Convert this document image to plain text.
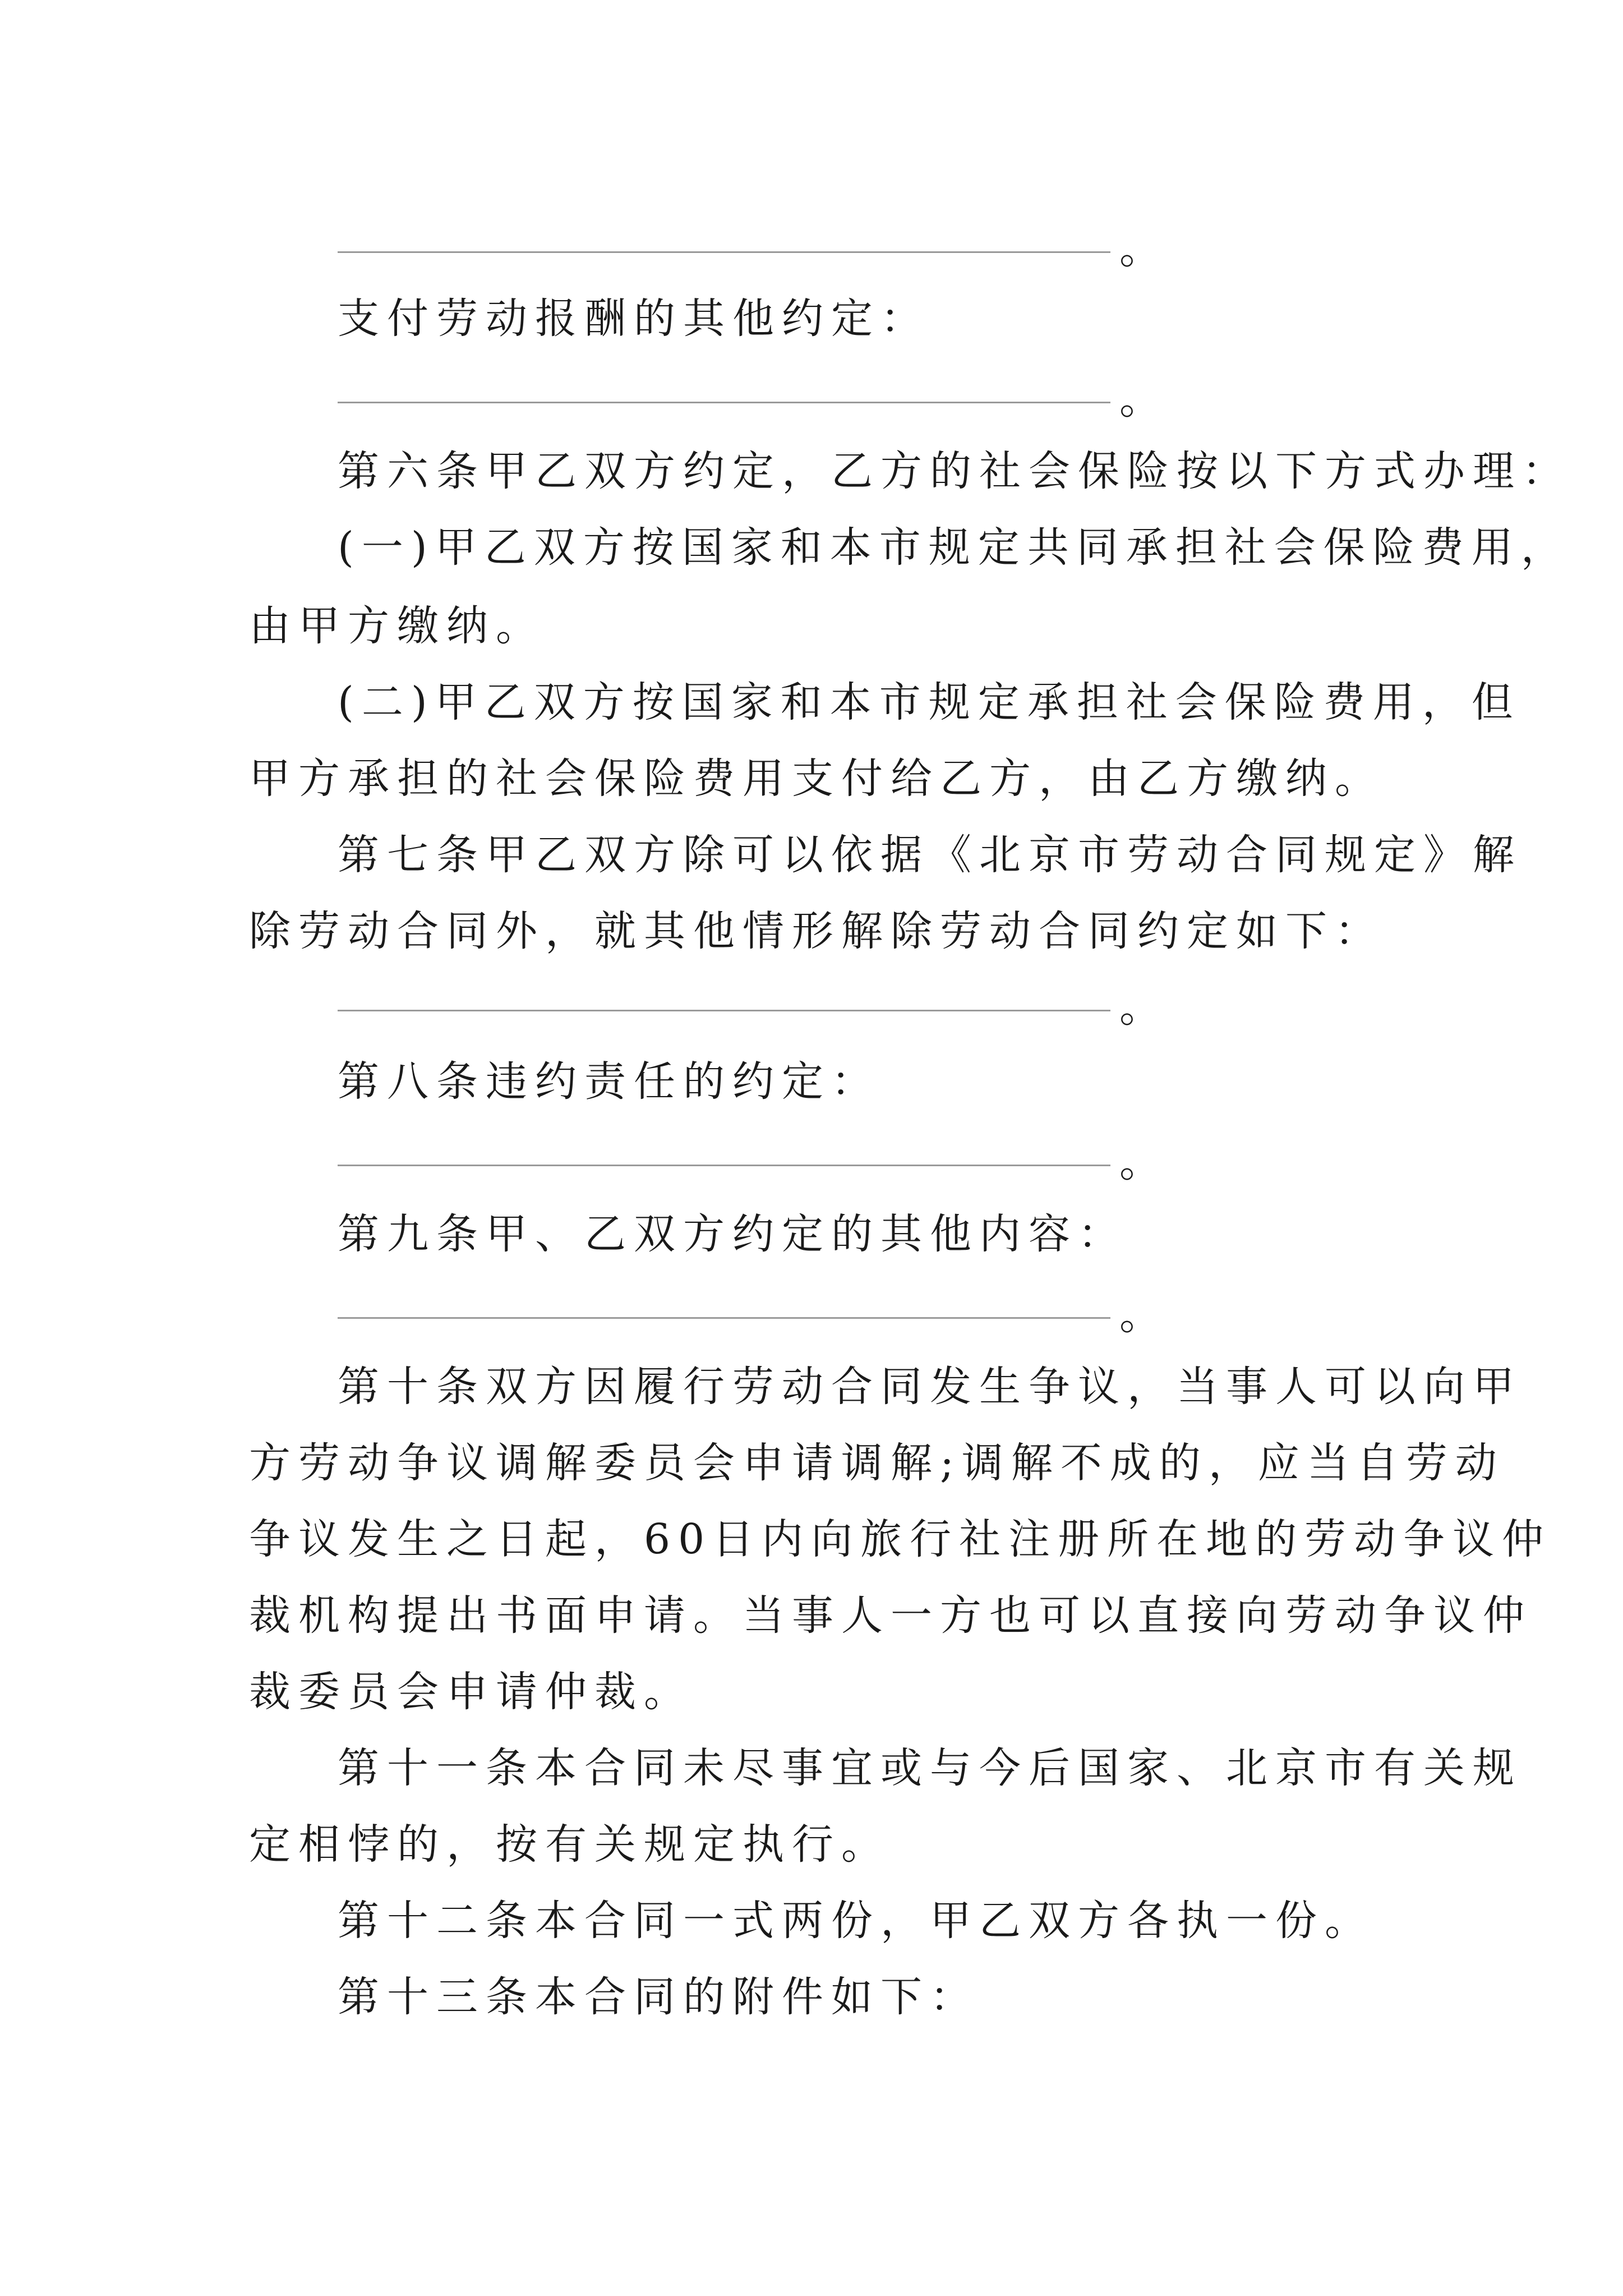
。
支付劳动报酬的其他约定：
。
第六条甲乙双方约定，乙方的社会保险按以下方式办理：
(一)甲乙双方按国家和本市规定共同承担社会保险费用，
由甲方缴纳。
(二)甲乙双方按国家和本市规定承担社会保险费用，但
甲方承担的社会保险费用支付给乙方，由乙方缴纳。
第七条甲乙双方除可以依据《北京市劳动合同规定》解
除劳动合同外，就其他情形解除劳动合同约定如下：
。
第八条违约责任的约定：
。
第九条甲、乙双方约定的其他内容：
。
第十条双方因履行劳动合同发生争议，当事人可以向甲
方劳动争议调解委员会申请调解;调解不成的，应当自劳动
争议发生之日起，60日内向旅行社注册所在地的劳动争议仲
裁机构提出书面申请。当事人一方也可以直接向劳动争议仲
裁委员会申请仲裁。
第十一条本合同未尽事宜或与今后国家、北京市有关规
定相悖的，按有关规定执行。
第十二条本合同一式两份，甲乙双方各执一份。
第十三条本合同的附件如下：
